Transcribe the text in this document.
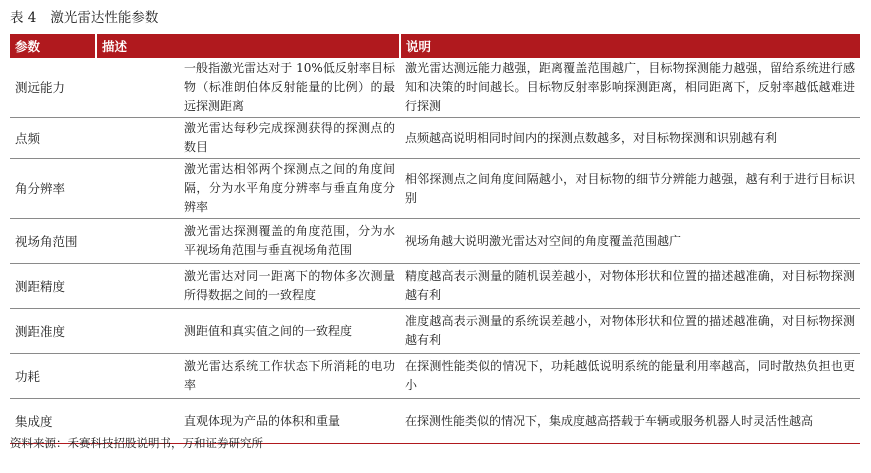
表 4 激光雷达性能参数
参数	描述	说明
测远能力	一般指激光雷达对于 10%低反射率目标物（标准朗伯体反射能量的比例）的最远探测距离	激光雷达测远能力越强，距离覆盖范围越广，目标物探测能力越强，留给系统进行感知和决策的时间越长。目标物反射率影响探测距离，相同距离下，反射率越低越难进行探测
点频	激光雷达每秒完成探测获得的探测点的数目	点频越高说明相同时间内的探测点数越多，对目标物探测和识别越有利
角分辨率	激光雷达相邻两个探测点之间的角度间隔，分为水平角度分辨率与垂直角度分辨率	相邻探测点之间角度间隔越小，对目标物的细节分辨能力越强，越有利于进行目标识别
视场角范围	激光雷达探测覆盖的角度范围，分为水平视场角范围与垂直视场角范围	视场角越大说明激光雷达对空间的角度覆盖范围越广
测距精度	激光雷达对同一距离下的物体多次测量所得数据之间的一致程度	精度越高表示测量的随机误差越小，对物体形状和位置的描述越准确，对目标物探测越有利
测距准度	测距值和真实值之间的一致程度	准度越高表示测量的系统误差越小，对物体形状和位置的描述越准确，对目标物探测越有利
功耗	激光雷达系统工作状态下所消耗的电功率	在探测性能类似的情况下，功耗越低说明系统的能量利用率越高，同时散热负担也更小
集成度	直观体现为产品的体积和重量	在探测性能类似的情况下，集成度越高搭载于车辆或服务机器人时灵活性越高
资料来源：禾赛科技招股说明书，万和证券研究所
